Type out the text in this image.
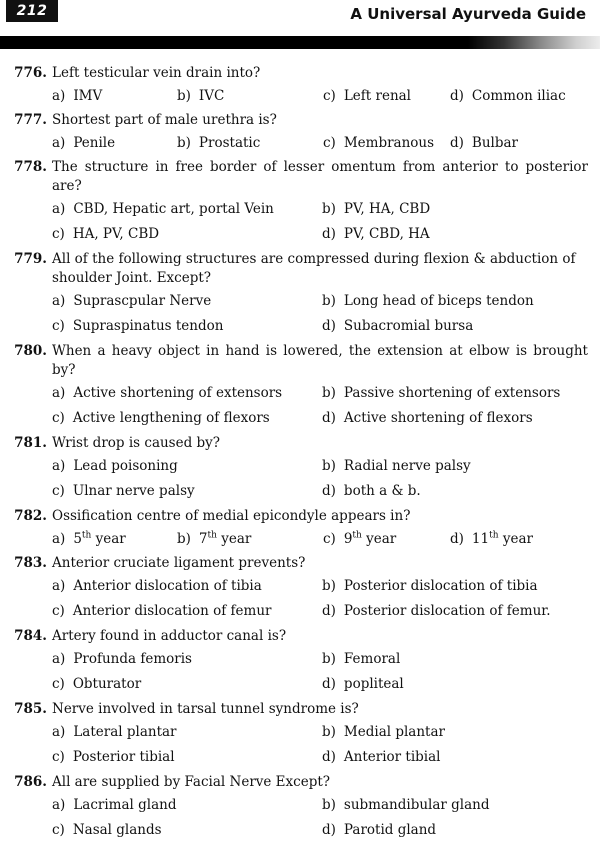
212	A Universal Ayurveda Guide
776. Left testicular vein drain into?
a) IMV	b) IVC	c) Left renal	d) Common iliac
777. Shortest part of male urethra is?
a) Penile	b) Prostatic	c) Membranous d) Bulbar
778. The structure in free border of lesser omentum from anterior to posterior are?
a) CBD, Hepatic art, portal Vein	b) PV, HA, CBD
c) HA, PV, CBD	d) PV, CBD, HA
779. All of the following structures are compressed during flexion & abduction of
shoulder Joint. Except?
a) Suprascpular Nerve	b) Long head of biceps tendon
c) Supraspinatus tendon	d) Subacromial bursa
780. When a heavy object in hand is lowered, the extension at elbow is brought by?
a) Active shortening of extensors	b) Passive shortening of extensors
c) Active lengthening of flexors	d) Active shortening of flexors
781. Wrist drop is caused by?
a) Lead poisoning	b) Radial nerve palsy
c) Ulnar nerve palsy	d) both a & b.
782. Ossification centre of medial epicondyle appears in?
a) 5th year	b) 7th year	c) 9th year	d) 11th year
783. Anterior cruciate ligament prevents?
a) Anterior dislocation of tibia	b) Posterior dislocation of tibia
c) Anterior dislocation of femur	d) Posterior dislocation of femur.
784. Artery found in adductor canal is?
a) Profunda femoris	b) Femoral
c) Obturator	d) popliteal
785. Nerve involved in tarsal tunnel syndrome is?
a) Lateral plantar	b) Medial plantar
c) Posterior tibial	d) Anterior tibial
786. All are supplied by Facial Nerve Except?
a) Lacrimal gland	b) submandibular gland
c) Nasal glands	d) Parotid gland
